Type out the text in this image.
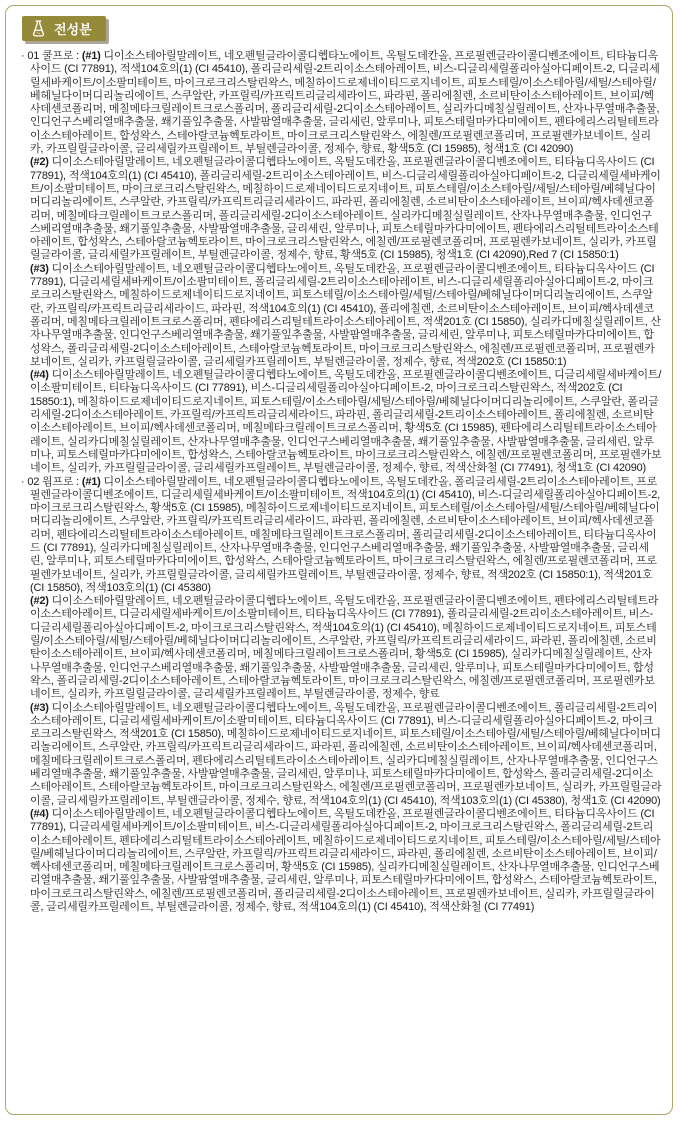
전성분

· 01 쿨프로 : (#1) 디이소스테아릴말레이트, 네오펜틸글라이콜디헵타노에이트, 옥틸도데칸올, 프로필렌글라이콜디벤조에이트, 티타늄디옥사이드 (CI 77891), 적색104호의(1) (CI 45410), 폴리글리세릴-2트리이소스테아레이트, 비스-디글리세릴폴리아실아디페이트-2, 디글리세릴세바케이트/이소팔미테이트, 마이크로크리스탈린왁스, 메칠하이드로제네이티드로지네이트, 피토스테릴/이소스테아릴/세틸/스테아릴/베헤닐다이머디리놀리에이트, 스쿠알란, 카프릴릭/카프릭트리글리세라이드, 파라핀, 폴리에칠렌, 소르비탄이소스테아레이트, 브이피/헥사데센코폴리머, 메칠메타크릴레이트크로스폴리머, 폴리글리세릴-2디이소스테아레이트, 실리카디메칠실릴레이트, 산자나무열매추출물, 인디언구스베리열매추출물, 쐐기풀잎추출물, 사발팜열매추출물, 글리세린, 알루미나, 피토스테릴마카다미에이트, 펜타에리스리틸테트라이소스테아레이트, 합성왁스, 스테아랄코늄헥토라이트, 마이크로크리스탈린왁스, 에칠렌/프로필렌코폴리머, 프로필렌카보네이트, 실리카, 카프릴릴글라이콜, 글리세릴카프릴레이트, 부틸렌글라이콜, 정제수, 향료, 황색5호 (CI 15985), 청색1호 (CI 42090)

(#2) 디이소스테아릴말레이트, 네오펜틸글라이콜디헵타노에이트, 옥틸도데칸올, 프로필렌글라이콜디벤조에이트, 티타늄디옥사이드 (CI 77891), 적색104호의(1) (CI 45410), 폴리글리세릴-2트리이소스테아레이트, 비스-디글리세릴폴리아실아디페이트-2, 디글리세릴세바케이트/이소팔미테이트, 마이크로크리스탈린왁스, 메칠하이드로제네이티드로지네이트, 피토스테릴/이소스테아릴/세틸/스테아릴/베헤닐다이머디리놀리에이트, 스쿠알란, 카프릴릭/카프릭트리글리세라이드, 파라핀, 폴리에칠렌, 소르비탄이소스테아레이트, 브이피/헥사데센코폴리머, 메칠메타크릴레이트크로스폴리머, 폴리글리세릴-2디이소스테아레이트, 실리카디메칠실릴레이트, 산자나무열매추출물, 인디언구스베리열매추출물, 쐐기풀잎추출물, 사발팜열매추출물, 글리세린, 알루미나, 피토스테릴마카다미에이트, 펜타에리스리틸테트라이소스테아레이트, 합성왁스, 스테아랄코늄헥토라이트, 마이크로크리스탈린왁스, 에칠렌/프로필렌코폴리머, 프로필렌카보네이트, 실리카, 카프릴릴글라이콜, 글리세릴카프릴레이트, 부틸렌글라이콜, 정제수, 향료, 황색5호 (CI 15985), 청색1호 (CI 42090),Red 7 (CI 15850:1)

(#3) 디이소스테아릴말레이트, 네오펜틸글라이콜디헵타노에이트, 옥틸도데칸올, 프로필렌글라이콜디벤조에이트, 티타늄디옥사이드 (CI 77891), 디글리세릴세바케이트/이소팔미테이트, 폴리글리세릴-2트리이소스테아레이트, 비스-디글리세릴폴리아실아디페이트-2, 마이크로크리스탈린왁스, 메칠하이드로제네이티드로지네이트, 피토스테릴/이소스테아릴/세틸/스테아릴/베헤닐다이머디리놀리에이트, 스쿠알란, 카프릴릭/카프릭트리글리세라이드, 파라핀, 적색104호의(1) (CI 45410), 폴리에칠렌, 소르비탄이소스테아레이트, 브이피/헥사데센코폴리머, 메칠메타크릴레이트크로스폴리머, 펜타에리스리틸테트라이소스테아레이트, 적색201호 (CI 15850), 실리카디메칠실릴레이트, 산자나무열매추출물, 인디언구스베리열매추출물, 쐐기풀잎추출물, 사발팜열매추출물, 글리세린, 알루미나, 피토스테릴마카다미에이트, 합성왁스, 폴리글리세릴-2디이소스테아레이트, 스테아랄코늄헥토라이트, 마이크로크리스탈린왁스, 에칠렌/프로필렌코폴리머, 프로필렌카보네이트, 실리카, 카프릴릴글라이콜, 글리세릴카프릴레이트, 부틸렌글라이콜, 정제수, 향료, 적색202호 (CI 15850:1)

(#4) 디이소스테아릴말레이트, 네오펜틸글라이콜디헵타노에이트, 옥틸도데칸올, 프로필렌글라이콜디벤조에이트, 디글리세릴세바케이트/이소팔미테이트, 티타늄디옥사이드 (CI 77891), 비스-디글리세릴폴리아실아디페이트-2, 마이크로크리스탈린왁스, 적색202호 (CI 15850:1), 메칠하이드로제네이티드로지네이트, 피토스테릴/이소스테아릴/세틸/스테아릴/베헤닐다이머디리놀리에이트, 스쿠알란, 폴리글리세릴-2디이소스테아레이트, 카프릴릭/카프릭트리글리세라이드, 파라핀, 폴리글리세릴-2트리이소스테아레이트, 폴리에칠렌, 소르비탄이소스테아레이트, 브이피/헥사데센코폴리머, 메칠메타크릴레이트크로스폴리머, 황색5호 (CI 15985), 펜타에리스리틸테트라이소스테아레이트, 실리카디메칠실릴레이트, 산자나무열매추출물, 인디언구스베리열매추출물, 쐐기풀잎추출물, 사발팜열매추출물, 글리세린, 알루미나, 피토스테릴마카다미에이트, 합성왁스, 스테아랄코늄헥토라이트, 마이크로크리스탈린왁스, 에칠렌/프로필렌코폴리머, 프로필렌카보네이트, 실리카, 카프릴릴글라이콜, 글리세릴카프릴레이트, 부틸렌글라이콜, 정제수, 향료, 적색산화철 (CI 77491), 청색1호 (CI 42090)

· 02 웜프로 : (#1) 디이소스테아릴말레이트, 네오펜틸글라이콜디헵타노에이트, 옥틸도데칸올, 폴리글리세릴-2트리이소스테아레이트, 프로필렌글라이콜디벤조에이트, 디글리세릴세바케이트/이소팔미테이트, 적색104호의(1) (CI 45410), 비스-디글리세릴폴리아실아디페이트-2, 마이크로크리스탈린왁스, 황색5호 (CI 15985), 메칠하이드로제네이티드로지네이트, 피토스테릴/이소스테아릴/세틸/스테아릴/베헤닐다이머디리놀리에이트, 스쿠알란, 카프릴릭/카프릭트리글리세라이드, 파라핀, 폴리에칠렌, 소르비탄이소스테아레이트, 브이피/헥사데센코폴리머, 펜타에리스리틸테트라이소스테아레이트, 메칠메타크릴레이트크로스폴리머, 폴리글리세릴-2디이소스테아레이트, 티타늄디옥사이드 (CI 77891), 실리카디메칠실릴레이트, 산자나무열매추출물, 인디언구스베리열매추출물, 쐐기풀잎추출물, 사발팜열매추출물, 글리세린, 알루미나, 피토스테릴마카다미에이트, 합성왁스, 스테아랄코늄헥토라이트, 마이크로크리스탈린왁스, 에칠렌/프로필렌코폴리머, 프로필렌카보네이트, 실리카, 카프릴릴글라이콜, 글리세릴카프릴레이트, 부틸렌글라이콜, 정제수, 향료, 적색202호 (CI 15850:1), 적색201호 (CI 15850), 적색103호의(1) (CI 45380)

(#2) 디이소스테아릴말레이트, 네오펜틸글라이콜디헵타노에이트, 옥틸도데칸올, 프로필렌글라이콜디벤조에이트, 펜타에리스리틸테트라이소스테아레이트, 디글리세릴세바케이트/이소팔미테이트, 티타늄디옥사이드 (CI 77891), 폴리글리세릴-2트리이소스테아레이트, 비스-디글리세릴폴리아실아디페이트-2, 마이크로크리스탈린왁스, 적색104호의(1) (CI 45410), 메칠하이드로제네이티드로지네이트, 피토스테릴/이소스테아릴/세틸/스테아릴/베헤닐다이머디리놀리에이트, 스쿠알란, 카프릴릭/카프릭트리글리세라이드, 파라핀, 폴리에칠렌, 소르비탄이소스테아레이트, 브이피/헥사데센코폴리머, 메칠메타크릴레이트크로스폴리머, 황색5호 (CI 15985), 실리카디메칠실릴레이트, 산자나무열매추출물, 인디언구스베리열매추출물, 쐐기풀잎추출물, 사발팜열매추출물, 글리세린, 알루미나, 피토스테릴마카다미에이트, 합성왁스, 폴리글리세릴-2디이소스테아레이트, 스테아랄코늄헥토라이트, 마이크로크리스탈린왁스, 에칠렌/프로필렌코폴리머, 프로필렌카보네이트, 실리카, 카프릴릴글라이콜, 글리세릴카프릴레이트, 부틸렌글라이콜, 정제수, 향료

(#3) 디이소스테아릴말레이트, 네오펜틸글라이콜디헵타노에이트, 옥틸도데칸올, 프로필렌글라이콜디벤조에이트, 폴리글리세릴-2트리이소스테아레이트, 디글리세릴세바케이트/이소팔미테이트, 티타늄디옥사이드 (CI 77891), 비스-디글리세릴폴리아실아디페이트-2, 마이크로크리스탈린왁스, 적색201호 (CI 15850), 메칠하이드로제네이티드로지네이트, 피토스테릴/이소스테아릴/세틸/스테아릴/베헤닐다이머디리놀리에이트, 스쿠알란, 카프릴릭/카프릭트리글리세라이드, 파라핀, 폴리에칠렌, 소르비탄이소스테아레이트, 브이피/헥사데센코폴리머, 메칠메타크릴레이트크로스폴리머, 펜타에리스리틸테트라이소스테아레이트, 실리카디메칠실릴레이트, 산자나무열매추출물, 인디언구스베리열매추출물, 쐐기풀잎추출물, 사발팜열매추출물, 글리세린, 알루미나, 피토스테릴마카다미에이트, 합성왁스, 폴리글리세릴-2디이소스테아레이트, 스테아랄코늄헥토라이트, 마이크로크리스탈린왁스, 에칠렌/프로필렌코폴리머, 프로필렌카보네이트, 실리카, 카프릴릴글라이콜, 글리세릴카프릴레이트, 부틸렌글라이콜, 정제수, 향료, 적색104호의(1) (CI 45410), 적색103호의(1) (CI 45380), 청색1호 (CI 42090)

(#4) 디이소스테아릴말레이트, 네오펜틸글라이콜디헵타노에이트, 옥틸도데칸올, 프로필렌글라이콜디벤조에이트, 티타늄디옥사이드 (CI 77891), 디글리세릴세바케이트/이소팔미테이트, 비스-디글리세릴폴리아실아디페이트-2, 마이크로크리스탈린왁스, 폴리글리세릴-2트리이소스테아레이트, 펜타에리스리틸테트라이소스테아레이트, 메칠하이드로제네이티드로지네이트, 피토스테릴/이소스테아릴/세틸/스테아릴/베헤닐다이머디리놀리에이트, 스쿠알란, 카프릴릭/카프릭트리글리세라이드, 파라핀, 폴리에칠렌, 소르비탄이소스테아레이트, 브이피/헥사데센코폴리머, 메칠메타크릴레이트크로스폴리머, 황색5호 (CI 15985), 실리카디메칠실릴레이트, 산자나무열매추출물, 인디언구스베리열매추출물, 쐐기풀잎추출물, 사발팜열매추출물, 글리세린, 알루미나, 피토스테릴마카다미에이트, 합성왁스, 스테아랄코늄헥토라이트, 마이크로크리스탈린왁스, 에칠렌/프로필렌코폴리머, 폴리글리세릴-2디이소스테아레이트, 프로필렌카보네이트, 실리카, 카프릴릴글라이콜, 글리세릴카프릴레이트, 부틸렌글라이콜, 정제수, 향료, 적색104호의(1) (CI 45410), 적색산화철 (CI 77491)
